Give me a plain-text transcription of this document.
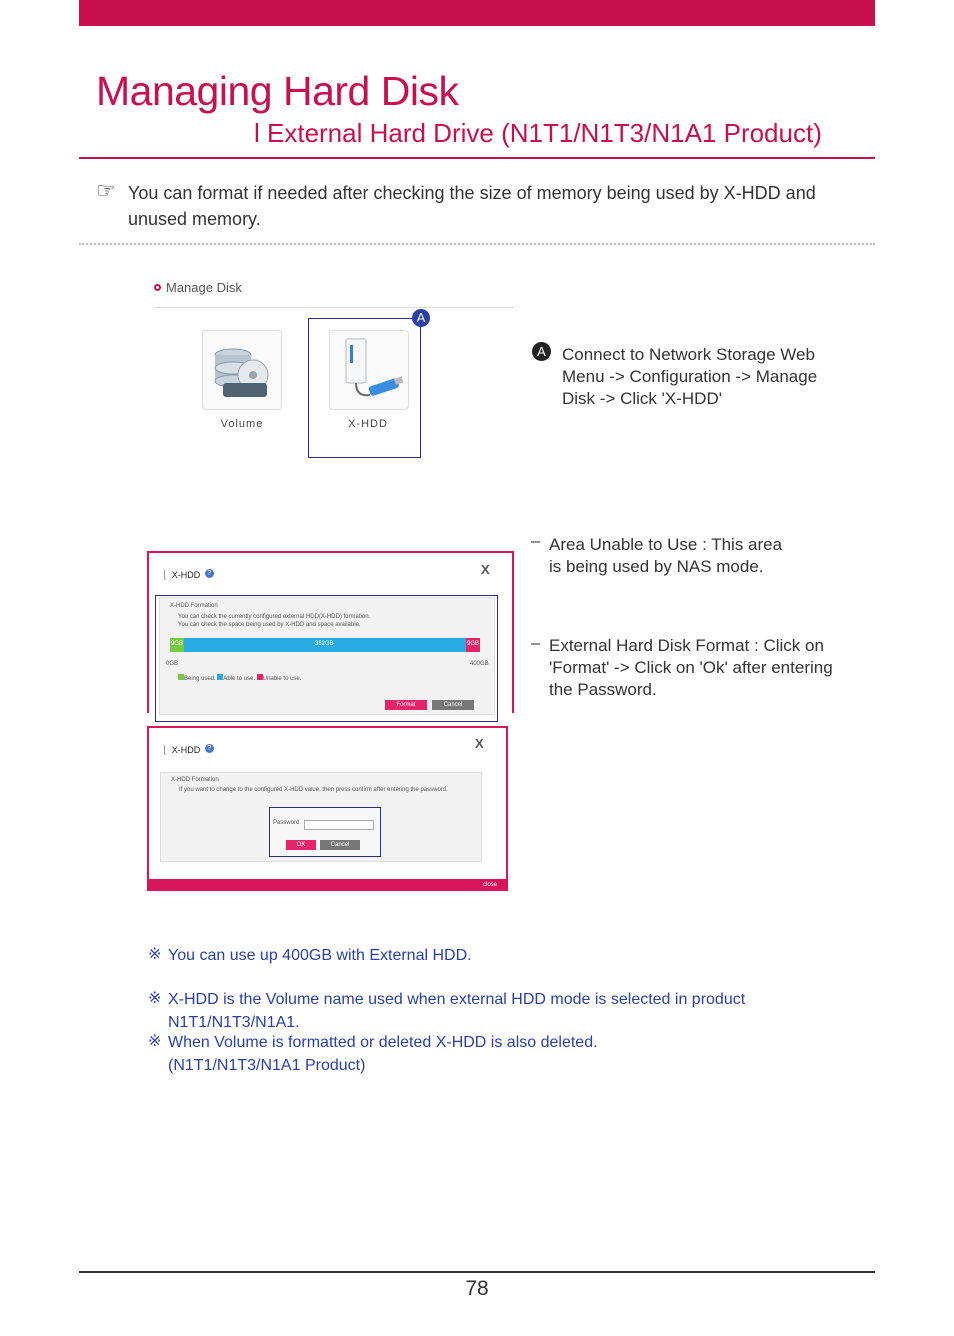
Managing Hard Disk
l External Hard Drive (N1T1/N1T3/N1A1 Product)
☞ You can format if needed after checking the size of memory being used by X-HDD and unused memory.
Manage Disk
Volume	X-HDD
A
A Connect to Network Storage Web Menu -> Configuration -> Manage Disk -> Click 'X-HDD'
– Area Unable to Use : This area is being used by NAS mode.
– External Hard Disk Format : Click on 'Format' -> Click on 'Ok' after entering the Password.
⌊ X-HDD ?	X
X-HDD Formation
You can check the currently configured external HDD(X-HDD) formation.
You can check the space being used by X-HDD and space available.
9GB	382GB	9GB
0GB	400GB
Being used. Able to use. Unable to use.
Format	Cancel
⌊ X-HDD ?	X
X-HDD Formation
If you want to change to the configured X-HDD value, then press confirm after entering the password.
Password
OK	Cancel
close
※ You can use up 400GB with External HDD.
※ X-HDD is the Volume name used when external HDD mode is selected in product N1T1/N1T3/N1A1.
※ When Volume is formatted or deleted X-HDD is also deleted. (N1T1/N1T3/N1A1 Product)
78
